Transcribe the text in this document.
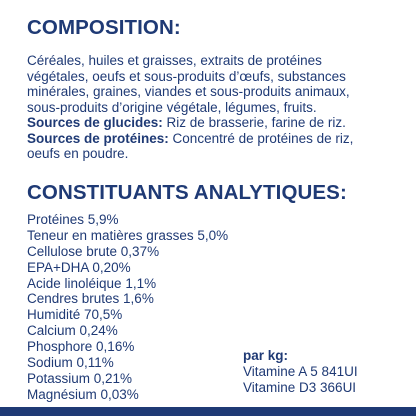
COMPOSITION:
Céréales, huiles et graisses, extraits de protéines
végétales, oeufs et sous-produits d’œufs, substances
minérales, graines, viandes et sous-produits animaux,
sous-produits d’origine végétale, légumes, fruits.
Sources de glucides: Riz de brasserie, farine de riz.
Sources de protéines: Concentré de protéines de riz,
oeufs en poudre.
CONSTITUANTS ANALYTIQUES:
Protéines 5,9%
Teneur en matières grasses 5,0%
Cellulose brute 0,37%
EPA+DHA 0,20%
Acide linoléique 1,1%
Cendres brutes 1,6%
Humidité 70,5%
Calcium 0,24%
Phosphore 0,16%
Sodium 0,11%
Potassium 0,21%
Magnésium 0,03%
par kg:
Vitamine A 5 841UI
Vitamine D3 366UI
